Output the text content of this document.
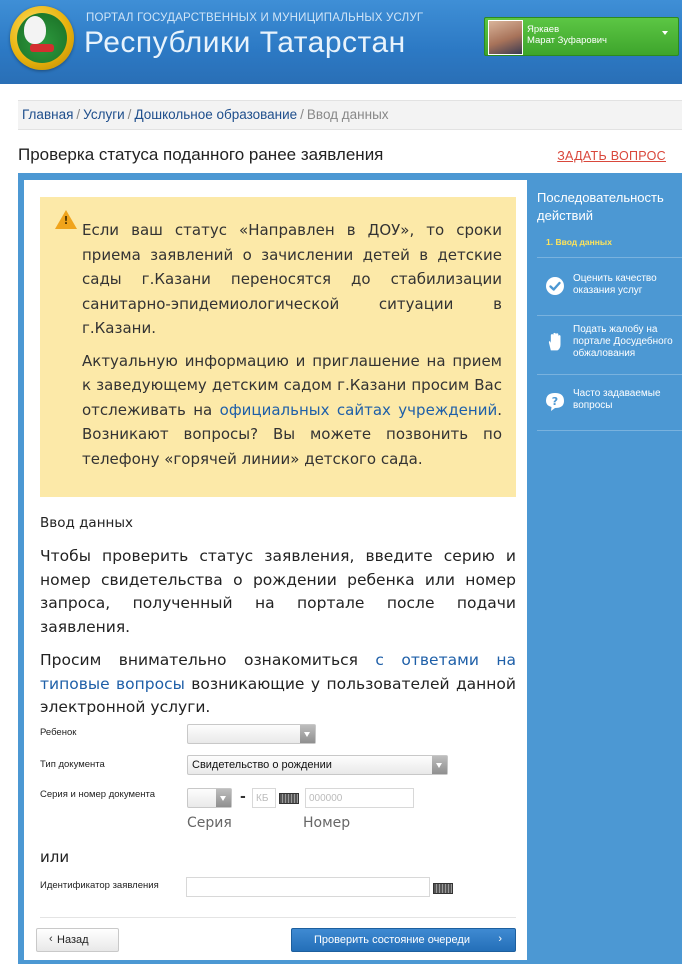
ПОРТАЛ ГОСУДАРСТВЕННЫХ И МУНИЦИПАЛЬНЫХ УСЛУГ
Республики Татарстан	Яркаев
Марат Зуфарович
Главная / Услуги / Дошкольное образование / Ввод данных
Проверка статуса поданного ранее заявления	ЗАДАТЬ ВОПРОС
!

Если ваш статус «Направлен в ДОУ», то сроки приема заявлений о зачислении детей в детские сады г.Казани переносятся до стабилизации санитарно-эпидемиологической ситуации в г.Казани.

Актуальную информацию и приглашение на прием к заведующему детским садом г.Казани просим Вас отслеживать на официальных сайтах учреждений. Возникают вопросы? Вы можете позвонить по телефону «горячей линии» детского сада.

Ввод данных

Чтобы проверить статус заявления, введите серию и номер свидетельства о рождении ребенка или номер запроса, полученный на портале после подачи заявления.

Просим внимательно ознакомиться с ответами на типовые вопросы возникающие у пользователей данной электронной услуги.

Ребенок
Тип документа	Свидетельство о рождении
Серия и номер документа	-	КБ	000000
Серия	Номер
или
Идентификатор заявления
‹ Назад	Проверить состояние очереди	›
Последовательность действий
1. Ввод данных
Оценить качество
оказания услуг
Подать жалобу на
портале Досудебного
обжалования
?
Часто задаваемые
вопросы
